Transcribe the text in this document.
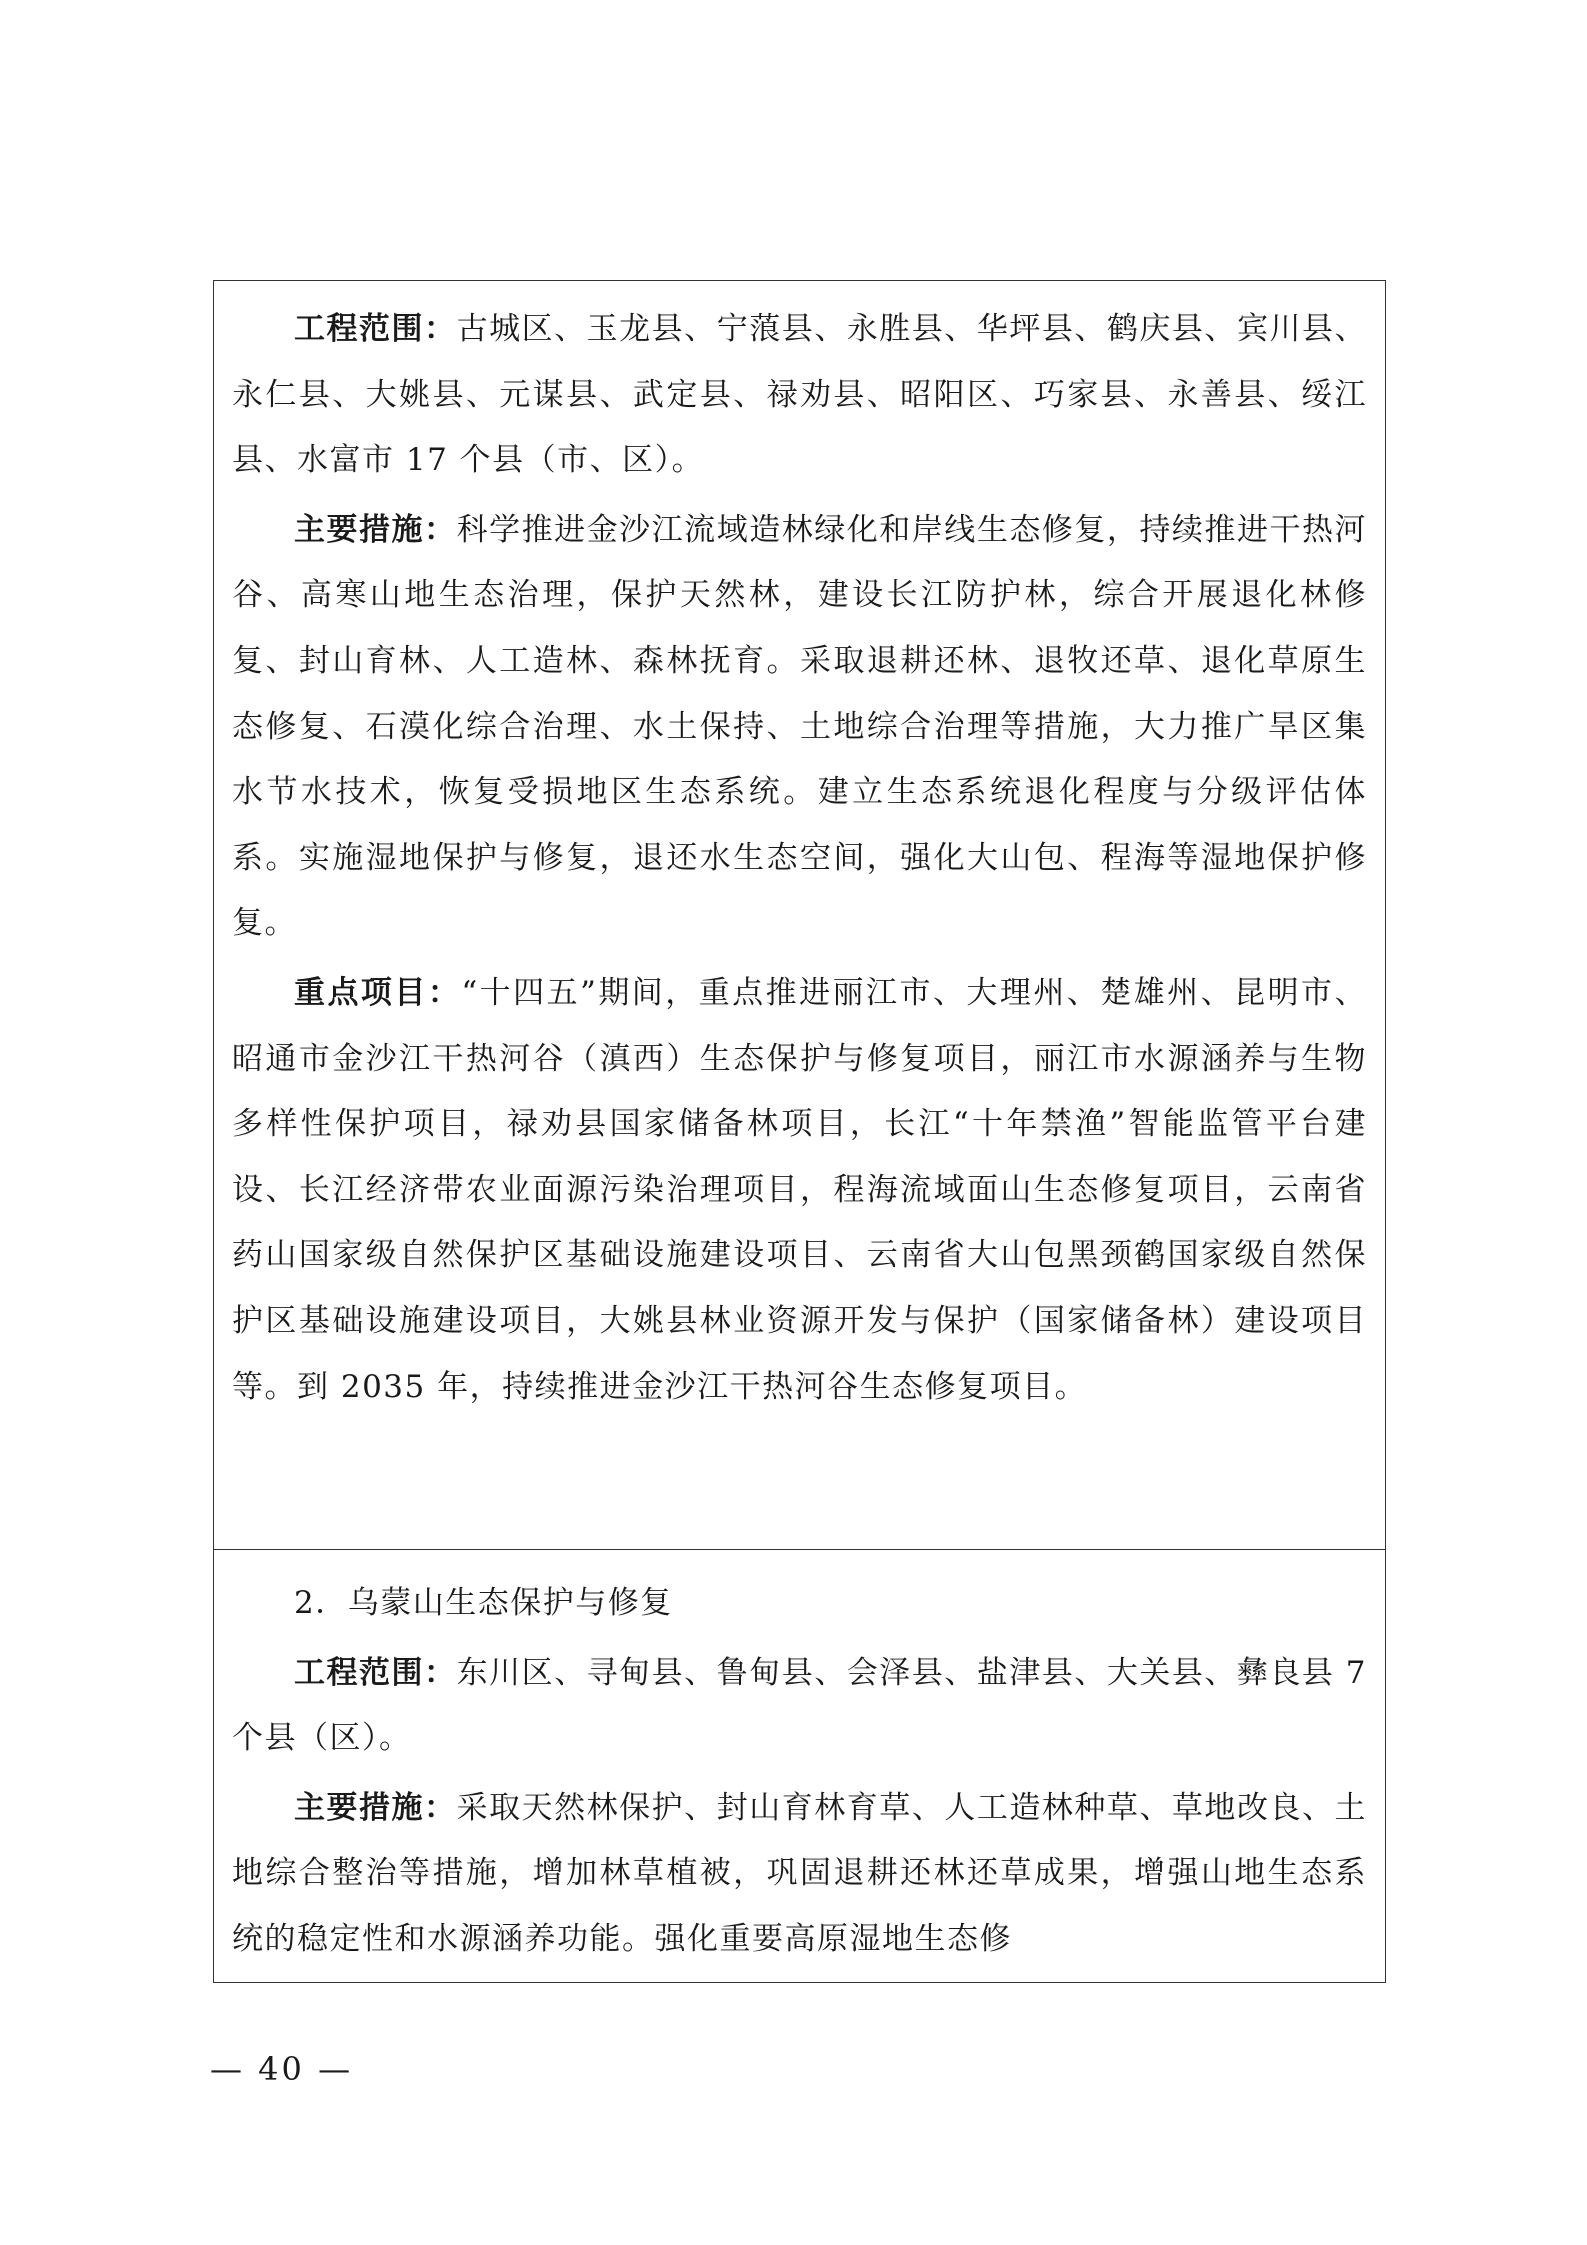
工程范围：古城区、玉龙县、宁蒗县、永胜县、华坪县、鹤庆县、宾川县、永仁县、大姚县、元谋县、武定县、禄劝县、昭阳区、巧家县、永善县、绥江县、水富市 17 个县（市、区）。

主要措施：科学推进金沙江流域造林绿化和岸线生态修复，持续推进干热河谷、高寒山地生态治理，保护天然林，建设长江防护林，综合开展退化林修复、封山育林、人工造林、森林抚育。采取退耕还林、退牧还草、退化草原生态修复、石漠化综合治理、水土保持、土地综合治理等措施，大力推广旱区集水节水技术，恢复受损地区生态系统。建立生态系统退化程度与分级评估体系。实施湿地保护与修复，退还水生态空间，强化大山包、程海等湿地保护修复。

重点项目：“十四五”期间，重点推进丽江市、大理州、楚雄州、昆明市、昭通市金沙江干热河谷（滇西）生态保护与修复项目，丽江市水源涵养与生物多样性保护项目，禄劝县国家储备林项目，长江“十年禁渔”智能监管平台建设、长江经济带农业面源污染治理项目，程海流域面山生态修复项目，云南省药山国家级自然保护区基础设施建设项目、云南省大山包黑颈鹤国家级自然保护区基础设施建设项目，大姚县林业资源开发与保护（国家储备林）建设项目等。到 2035 年，持续推进金沙江干热河谷生态修复项目。

2．乌蒙山生态保护与修复

工程范围：东川区、寻甸县、鲁甸县、会泽县、盐津县、大关县、彝良县 7 个县（区）。

主要措施：采取天然林保护、封山育林育草、人工造林种草、草地改良、土地综合整治等措施，增加林草植被，巩固退耕还林还草成果，增强山地生态系统的稳定性和水源涵养功能。强化重要高原湿地生态修

— 40 —
